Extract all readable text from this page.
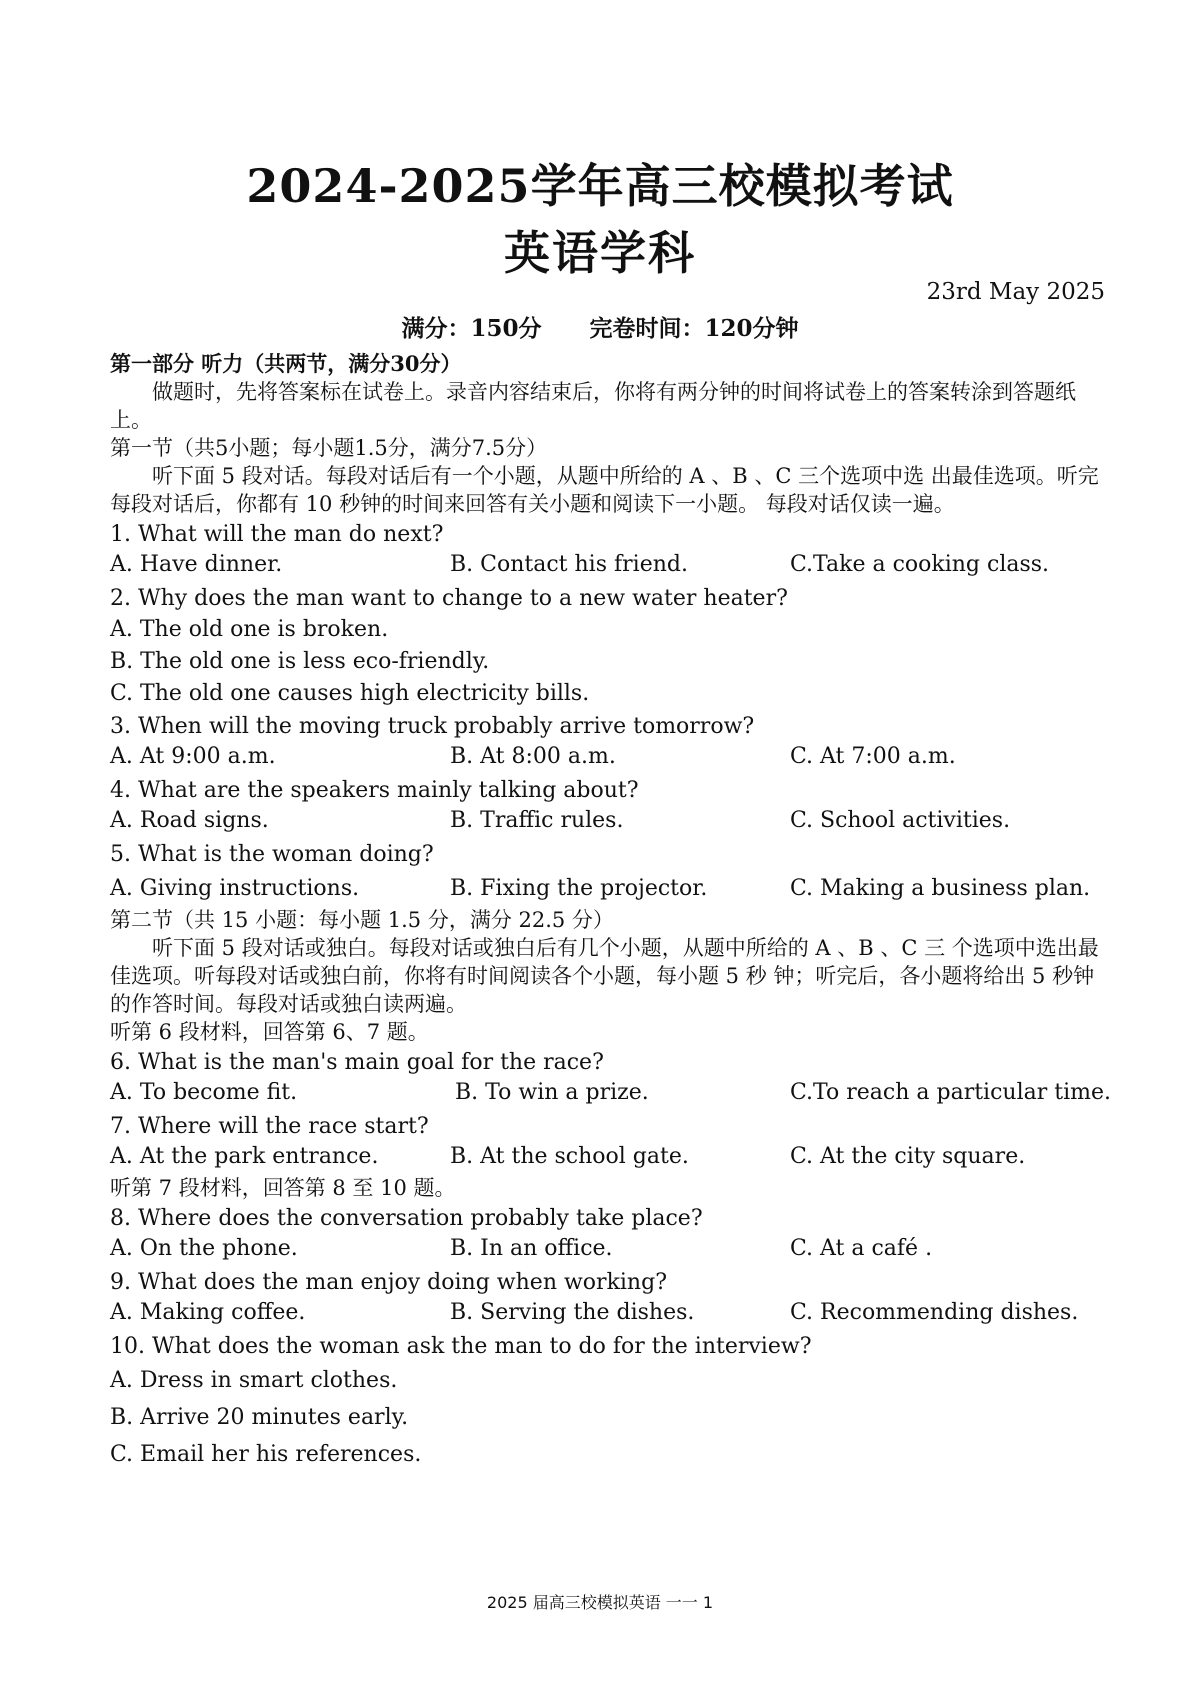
2024-2025学年高三校模拟考试
英语学科
23rd May 2025
满分：150分 完卷时间：120分钟
第一部分 听力（共两节，满分30分）
做题时，先将答案标在试卷上。录音内容结束后，你将有两分钟的时间将试卷上的答案转涂到答题纸上。
第一节（共5小题；每小题1.5分，满分7.5分）
听下面 5 段对话。每段对话后有一个小题，从题中所给的 A 、B 、C 三个选项中选 出最佳选项。听完每段对话后，你都有 10 秒钟的时间来回答有关小题和阅读下一小题。 每段对话仅读一遍。
1. What will the man do next?
A. Have dinner.	B. Contact his friend.	C.Take a cooking class.
2. Why does the man want to change to a new water heater?
A. The old one is broken.
B. The old one is less eco-friendly.
C. The old one causes high electricity bills.
3. When will the moving truck probably arrive tomorrow?
A. At 9:00 a.m.	B. At 8:00 a.m.	C. At 7:00 a.m.
4. What are the speakers mainly talking about?
A. Road signs.	B. Traffic rules.	C. School activities.
5. What is the woman doing?
A. Giving instructions.	B. Fixing the projector.	C. Making a business plan.
第二节（共 15 小题：每小题 1.5 分，满分 22.5 分）
听下面 5 段对话或独白。每段对话或独白后有几个小题，从题中所给的 A 、B 、C 三 个选项中选出最佳选项。听每段对话或独白前，你将有时间阅读各个小题，每小题 5 秒 钟；听完后，各小题将给出 5 秒钟的作答时间。每段对话或独白读两遍。
听第 6 段材料，回答第 6、7 题。
6. What is the man's main goal for the race?
A. To become fit.	B. To win a prize.	C.To reach a particular time.
7. Where will the race start?
A. At the park entrance.	B. At the school gate.	C. At the city square.
听第 7 段材料，回答第 8 至 10 题。
8. Where does the conversation probably take place?
A. On the phone.	B. In an office.	C. At a café .
9. What does the man enjoy doing when working?
A. Making coffee.	B. Serving the dishes.	C. Recommending dishes.
10. What does the woman ask the man to do for the interview?
A. Dress in smart clothes.
B. Arrive 20 minutes early.
C. Email her his references.
2025 届高三校模拟英语 一一 1
